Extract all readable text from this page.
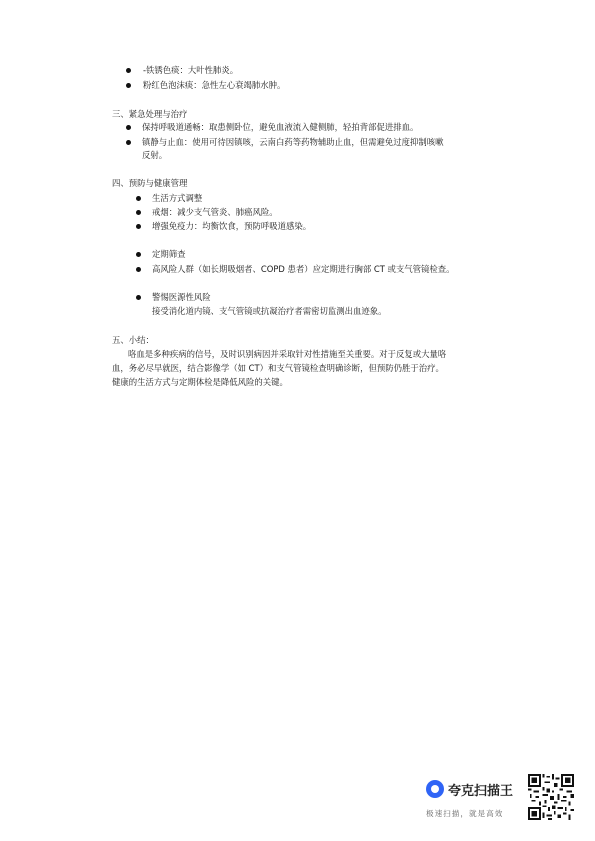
-铁锈色痰：大叶性肺炎。
粉红色泡沫痰：急性左心衰竭肺水肿。
三、紧急处理与治疗
保持呼吸道通畅：取患侧卧位，避免血液流入健侧肺，轻拍背部促进排血。
镇静与止血：使用可待因镇咳，云南白药等药物辅助止血，但需避免过度抑制咳嗽
反射。
四、预防与健康管理
生活方式调整
戒烟：减少支气管炎、肺癌风险。
增强免疫力：均衡饮食，预防呼吸道感染。
定期筛查
高风险人群（如长期吸烟者、COPD 患者）应定期进行胸部 CT 或支气管镜检查。
警惕医源性风险
接受消化道内镜、支气管镜或抗凝治疗者需密切监测出血迹象。
五、小结：

咯血是多种疾病的信号，及时识别病因并采取针对性措施至关重要。对于反复或大量咯

血，务必尽早就医，结合影像学（如 CT）和支气管镜检查明确诊断，但预防仍胜于治疗。

健康的生活方式与定期体检是降低风险的关键。

夸克扫描王
极速扫描，就是高效
